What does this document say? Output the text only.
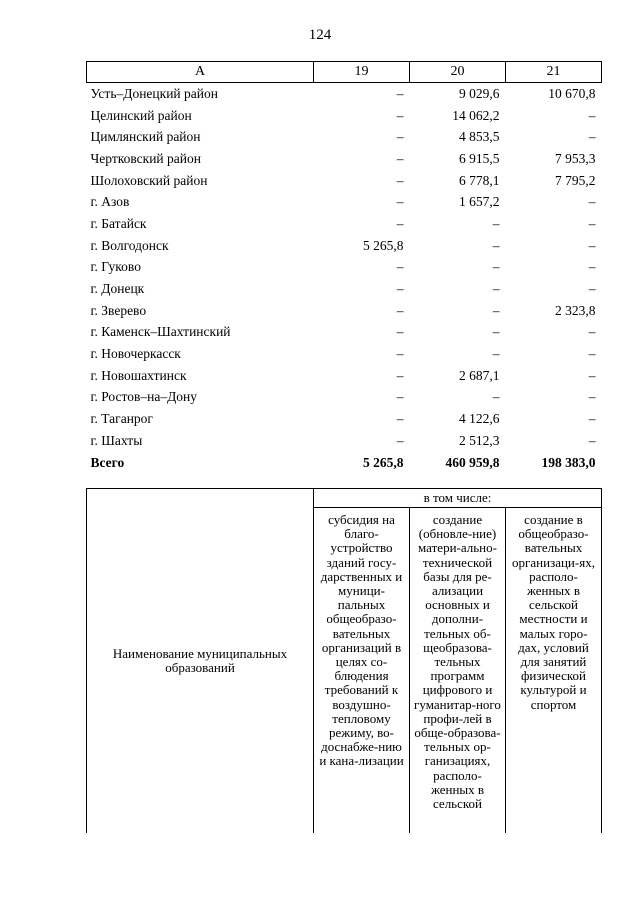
124
А	19	20	21
Усть–Донецкий район	–	9 029,6	10 670,8
Целинский район	–	14 062,2	–
Цимлянский район	–	4 853,5	–
Чертковский район	–	6 915,5	7 953,3
Шолоховский район	–	6 778,1	7 795,2
г. Азов	–	1 657,2	–
г. Батайск	–	–	–
г. Волгодонск	5 265,8	–	–
г. Гуково	–	–	–
г. Донецк	–	–	–
г. Зверево	–	–	2 323,8
г. Каменск–Шахтинский	–	–	–
г. Новочеркасск	–	–	–
г. Новошахтинск	–	2 687,1	–
г. Ростов–на–Дону	–	–	–
г. Таганрог	–	4 122,6	–
г. Шахты	–	2 512,3	–
Всего	5 265,8	460 959,8	198 383,0
Наименование муниципальных образований	в том числе:		
	субсидия на благо-устройство зданий госу-дарственных и муници-пальных общеобразо-вательных организаций в целях со-блюдения требований к воздушно-тепловому режиму, во-доснабже-нию и кана-лизации	создание (обновле-ние) матери-ально-технической базы для ре-ализации основных и дополни-тельных об-щеобразова-тельных программ цифрового и гуманитар-ного профи-лей в обще-образова-тельных ор-ганизациях, располо-женных в сельской	создание в общеобразо-вательных организаци-ях, располо-женных в сельской местности и малых горо-дах, условий для занятий физической культурой и спортом
